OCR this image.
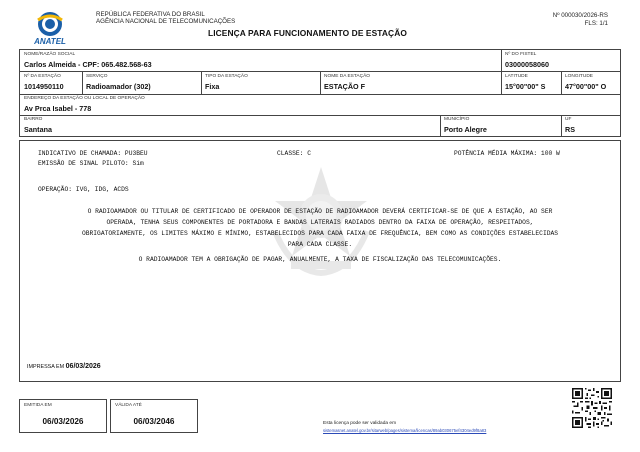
ANATEL
REPÚBLICA FEDERATIVA DO BRASIL
AGÊNCIA NACIONAL DE TELECOMUNICAÇÕES
LICENÇA PARA FUNCIONAMENTO DE ESTAÇÃO
Nº 000030/2026-RS
FLS: 1/1
NOME/RAZÃO SOCIAL
Carlos Almeida - CPF: 065.482.568-63
Nº DO FISTEL
03000058060
Nº DA ESTAÇÃO
1014950110
SERVIÇO
Radioamador (302)
TIPO DA ESTAÇÃO
Fixa
NOME DA ESTAÇÃO
ESTAÇÃO F
LATITUDE
15°00"00" S
LONGITUDE
47°00"00" O
ENDEREÇO DA ESTAÇÃO OU LOCAL DE OPERAÇÃO
Av Prca Isabel - 778
BAIRRO
Santana
MUNICÍPIO
Porto Alegre
UF
RS
INDICATIVO DE CHAMADA: PU3BEU	CLASSE: C	POTÊNCIA MÉDIA MÁXIMA: 100 W
EMISSÃO DE SINAL PILOTO: Sim
OPERAÇÃO: IVG, IDG, ACDS
O RADIOAMADOR OU TITULAR DE CERTIFICADO DE OPERADOR DE ESTAÇÃO DE RADIOAMADOR DEVERÁ CERTIFICAR-SE DE QUE A ESTAÇÃO, AO SER
OPERADA, TENHA SEUS COMPONENTES DE PORTADORA E BANDAS LATERAIS RADIADOS DENTRO DA FAIXA DE OPERAÇÃO, RESPEITADOS,
OBRIGATORIAMENTE, OS LIMITES MÁXIMO E MÍNIMO, ESTABELECIDOS PARA CADA FAIXA DE FREQUÊNCIA, BEM COMO AS CONDIÇÕES ESTABELECIDAS
PARA CADA CLASSE.
O RADIOAMADOR TEM A OBRIGAÇÃO DE PAGAR, ANUALMENTE, A TAXA DE FISCALIZAÇÃO DAS TELECOMUNICAÇÕES.
IMPRESSA EM 06/03/2026
EMITIDA EM
06/03/2026
VÁLIDA ATÉ
06/03/2046	Esta licença pode ser validada em
sistemasnet.anatel.gov.br/sitarweb/pages/sistema/licencas/89ab030675ef4304ed9f8a83
